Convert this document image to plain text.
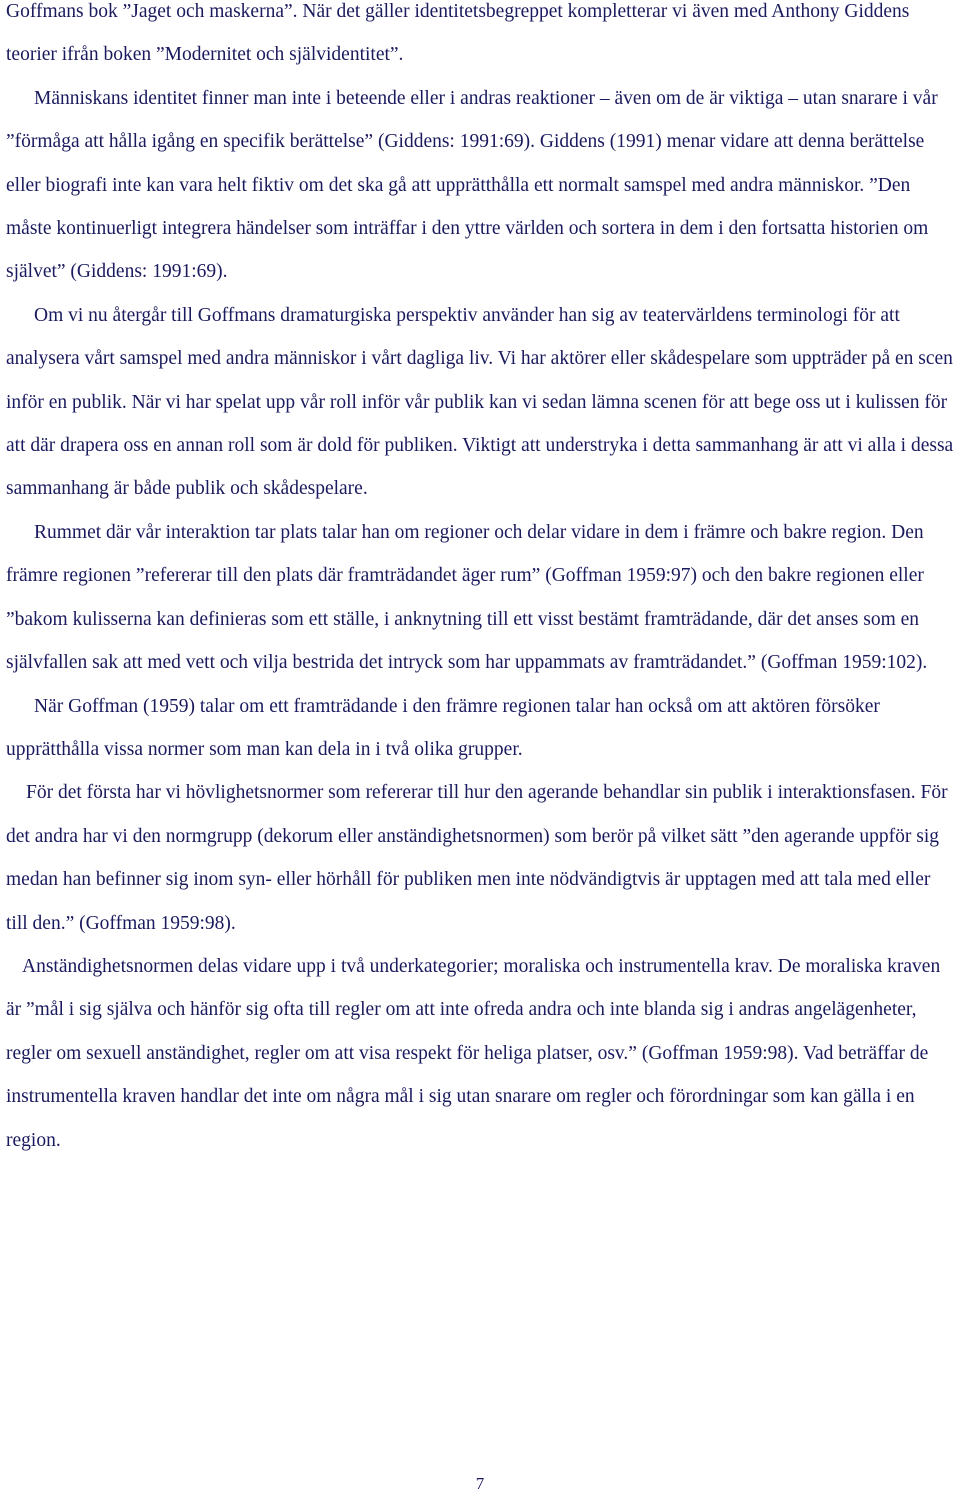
Goffmans bok ”Jaget och maskerna”. När det gäller identitetsbegreppet kompletterar vi även med Anthony Giddens teorier ifrån boken ”Modernitet och självidentitet”.

Människans identitet finner man inte i beteende eller i andras reaktioner – även om de är viktiga – utan snarare i vår ”förmåga att hålla igång en specifik berättelse” (Giddens: 1991:69). Giddens (1991) menar vidare att denna berättelse eller biografi inte kan vara helt fiktiv om det ska gå att upprätthålla ett normalt samspel med andra människor. ”Den måste kontinuerligt integrera händelser som inträffar i den yttre världen och sortera in dem i den fortsatta historien om självet” (Giddens: 1991:69).

Om vi nu återgår till Goffmans dramaturgiska perspektiv använder han sig av teatervärldens terminologi för att analysera vårt samspel med andra människor i vårt dagliga liv. Vi har aktörer eller skådespelare som uppträder på en scen inför en publik. När vi har spelat upp vår roll inför vår publik kan vi sedan lämna scenen för att bege oss ut i kulissen för att där drapera oss en annan roll som är dold för publiken. Viktigt att understryka i detta sammanhang är att vi alla i dessa sammanhang är både publik och skådespelare.

Rummet där vår interaktion tar plats talar han om regioner och delar vidare in dem i främre och bakre region. Den främre regionen ”refererar till den plats där framträdandet äger rum” (Goffman 1959:97) och den bakre regionen eller ”bakom kulisserna kan definieras som ett ställe, i anknytning till ett visst bestämt framträdande, där det anses som en självfallen sak att med vett och vilja bestrida det intryck som har uppammats av framträdandet.” (Goffman 1959:102).

När Goffman (1959) talar om ett framträdande i den främre regionen talar han också om att aktören försöker upprätthålla vissa normer som man kan dela in i två olika grupper.

För det första har vi hövlighetsnormer som refererar till hur den agerande behandlar sin publik i interaktionsfasen. För det andra har vi den normgrupp (dekorum eller anständighetsnormen) som berör på vilket sätt ”den agerande uppför sig medan han befinner sig inom syn- eller hörhåll för publiken men inte nödvändigtvis är upptagen med att tala med eller till den.” (Goffman 1959:98).

Anständighetsnormen delas vidare upp i två underkategorier; moraliska och instrumentella krav. De moraliska kraven är ”mål i sig själva och hänför sig ofta till regler om att inte ofreda andra och inte blanda sig i andras angelägenheter, regler om sexuell anständighet, regler om att visa respekt för heliga platser, osv.” (Goffman 1959:98). Vad beträffar de instrumentella kraven handlar det inte om några mål i sig utan snarare om regler och förordningar som kan gälla i en region.

7
